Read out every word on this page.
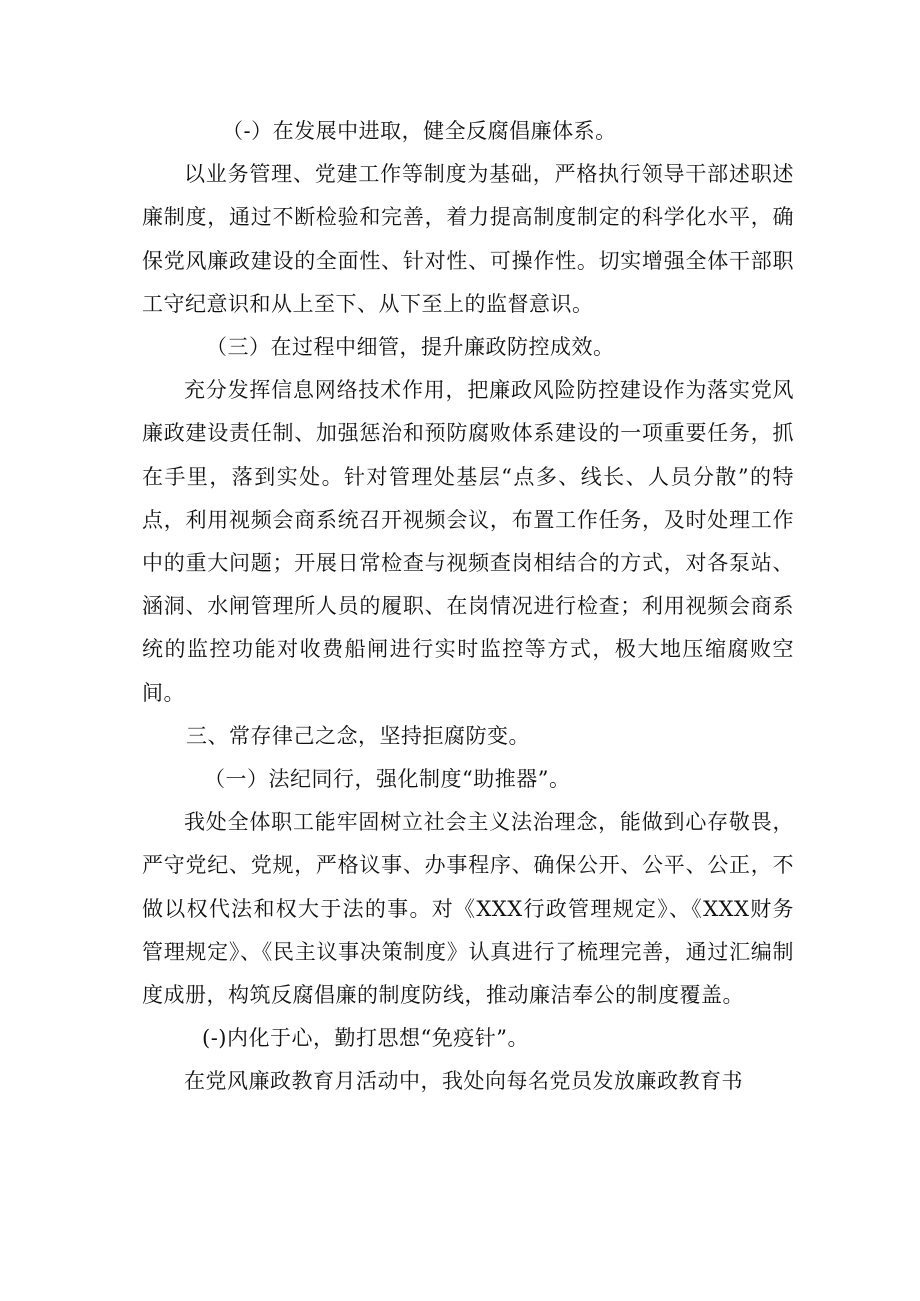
（-）在发展中进取，健全反腐倡廉体系。

以业务管理、党建工作等制度为基础，严格执行领导干部述职述廉制度，通过不断检验和完善，着力提高制度制定的科学化水平，确保党风廉政建设的全面性、针对性、可操作性。切实增强全体干部职工守纪意识和从上至下、从下至上的监督意识。

（三）在过程中细管，提升廉政防控成效。

充分发挥信息网络技术作用，把廉政风险防控建设作为落实党风廉政建设责任制、加强惩治和预防腐败体系建设的一项重要任务，抓在手里，落到实处。针对管理处基层“点多、线长、人员分散”的特点，利用视频会商系统召开视频会议，布置工作任务，及时处理工作中的重大问题；开展日常检查与视频查岗相结合的方式，对各泵站、涵洞、水闸管理所人员的履职、在岗情况进行检查；利用视频会商系统的监控功能对收费船闸进行实时监控等方式，极大地压缩腐败空间。

三、常存律己之念，坚持拒腐防变。

（一）法纪同行，强化制度“助推器”。

我处全体职工能牢固树立社会主义法治理念，能做到心存敬畏，严守党纪、党规，严格议事、办事程序、确保公开、公平、公正，不做以权代法和权大于法的事。对《XXX行政管理规定》、《XXX财务管理规定》、《民主议事决策制度》认真进行了梳理完善，通过汇编制度成册，构筑反腐倡廉的制度防线，推动廉洁奉公的制度覆盖。

(-)内化于心，勤打思想“免疫针”。

在党风廉政教育月活动中，我处向每名党员发放廉政教育书
